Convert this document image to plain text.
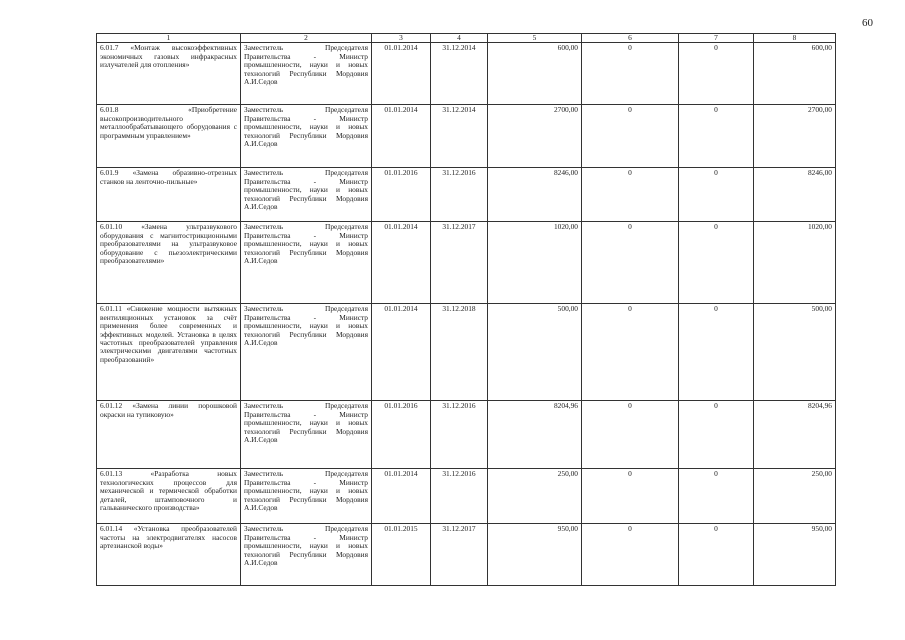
60
1	2	3	4	5	6	7	8
6.01.7 «Монтаж высокоэффективных экономичных газовых инфракрасных излучателей для отопления»	Заместитель Председателя Правительства - Министр промышленности, науки и новых технологий Республики Мордовия А.И.Седов	01.01.2014	31.12.2014	600,00	0	0	600,00
6.01.8 «Приобретение высокопроизводительного металлообрабатывающего оборудования с программным управлением»	Заместитель Председателя Правительства - Министр промышленности, науки и новых технологий Республики Мордовия А.И.Седов	01.01.2014	31.12.2014	2700,00	0	0	2700,00
6.01.9 «Замена образивно-отрезных станков на ленточно-пильные»	Заместитель Председателя Правительства - Министр промышленности, науки и новых технологий Республики Мордовия А.И.Седов	01.01.2016	31.12.2016	8246,00	0	0	8246,00
6.01.10 «Замена ультразвукового оборудования с магнитострикционными преобразователями на ультразвуковое оборудование с пьезоэлектрическими преобразователями»	Заместитель Председателя Правительства - Министр промышленности, науки и новых технологий Республики Мордовия А.И.Седов	01.01.2014	31.12.2017	1020,00	0	0	1020,00
6.01.11 «Снижение мощности вытяжных вентиляционных установок за счёт применения более современных и эффективных моделей. Установка в целях частотных преобразователей управления электрическими двигателями частотных преобразований»	Заместитель Председателя Правительства - Министр промышленности, науки и новых технологий Республики Мордовия А.И.Седов	01.01.2014	31.12.2018	500,00	0	0	500,00
6.01.12 «Замена линии порошковой окраски на тупиковую»	Заместитель Председателя Правительства - Министр промышленности, науки и новых технологий Республики Мордовия А.И.Седов	01.01.2016	31.12.2016	8204,96	0	0	8204,96
6.01.13 «Разработка новых технологических процессов для механической и термической обработки деталей, штамповочного и гальванического производства»	Заместитель Председателя Правительства - Министр промышленности, науки и новых технологий Республики Мордовия А.И.Седов	01.01.2014	31.12.2016	250,00	0	0	250,00
6.01.14 «Установка преобразователей частоты на электродвигателях насосов артезианской воды»	Заместитель Председателя Правительства - Министр промышленности, науки и новых технологий Республики Мордовия А.И.Седов	01.01.2015	31.12.2017	950,00	0	0	950,00
